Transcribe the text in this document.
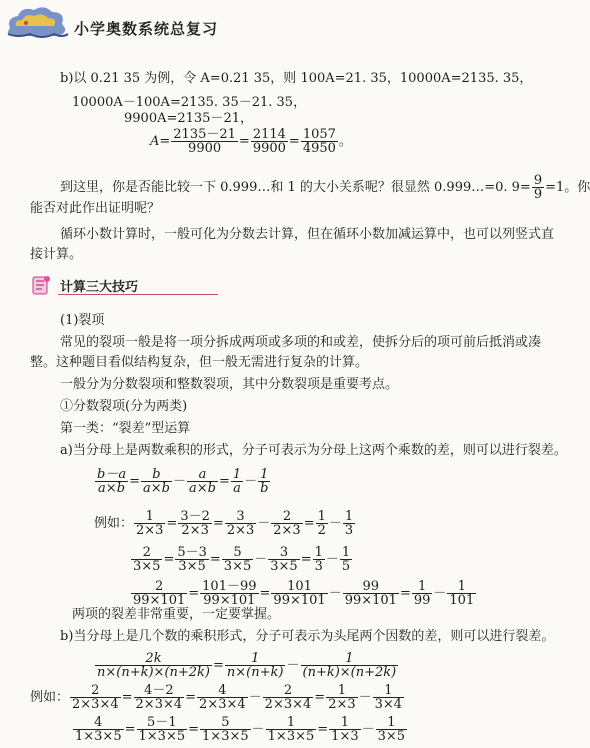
小学奥数系统总复习
b)以 0.21 35 为例，令 A=0.21 35，则 100A=21. 35，10000A=2135. 35，
10000A－100A=2135. 35－21. 35，
9900A=2135－21，
$A= \frac{2135-21}{9900} = \frac{2114}{9900} = \frac{1057}{4950}$ 。
到这里，你是否能比较一下 0.999…和 1 的大小关系呢？很显然 0.999…=0. $9= \frac{9}{9} =1$。你
能否对此作出证明呢？
循环小数计算时，一般可化为分数去计算，但在循环小数加减运算中，也可以列竖式直
接计算。
计算三大技巧
(1)裂项
常见的裂项一般是将一项分拆成两项或多项的和或差，使拆分后的项可前后抵消或凑
整。这种题目看似结构复杂，但一般无需进行复杂的计算。
一般分为分数裂项和整数裂项，其中分数裂项是重要考点。
①分数裂项(分为两类)
第一类：“裂差”型运算
a)当分母上是两数乘积的形式，分子可表示为分母上这两个乘数的差，则可以进行裂差。
$\frac{b-a}{a\times b} = \frac{b}{a\times b} - \frac{a}{a\times b} = \frac{1}{a} - \frac{1}{b}$
例如： $\frac{1}{2\times 3} = \frac{3-2}{2\times 3} = \frac{3}{2\times 3} - \frac{2}{2\times 3} = \frac{1}{2} - \frac{1}{3}$
$\frac{2}{3\times 5} = \frac{5-3}{3\times 5} = \frac{5}{3\times 5} - \frac{3}{3\times 5} = \frac{1}{3} - \frac{1}{5}$
$\frac{2}{99\times 101} = \frac{101-99}{99\times 101} = \frac{101}{99\times 101} - \frac{99}{99\times 101} = \frac{1}{99} - \frac{1}{101}$
两项的裂差非常重要，一定要掌握。
b)当分母上是几个数的乘积形式，分子可表示为头尾两个因数的差，则可以进行裂差。
$\frac{2k}{n\times(n+k)\times(n+2k)} = \frac{1}{n\times(n+k)} - \frac{1}{(n+k)\times(n+2k)}$
例如： $\frac{2}{2\times 3\times 4} = \frac{4-2}{2\times 3\times 4} = \frac{4}{2\times 3\times 4} - \frac{2}{2\times 3\times 4} = \frac{1}{2\times 3} - \frac{1}{3\times 4}$
$\frac{4}{1\times 3\times 5} = \frac{5-1}{1\times 3\times 5} = \frac{5}{1\times 3\times 5} - \frac{1}{1\times 3\times 5} = \frac{1}{1\times 3} - \frac{1}{3\times 5}$
